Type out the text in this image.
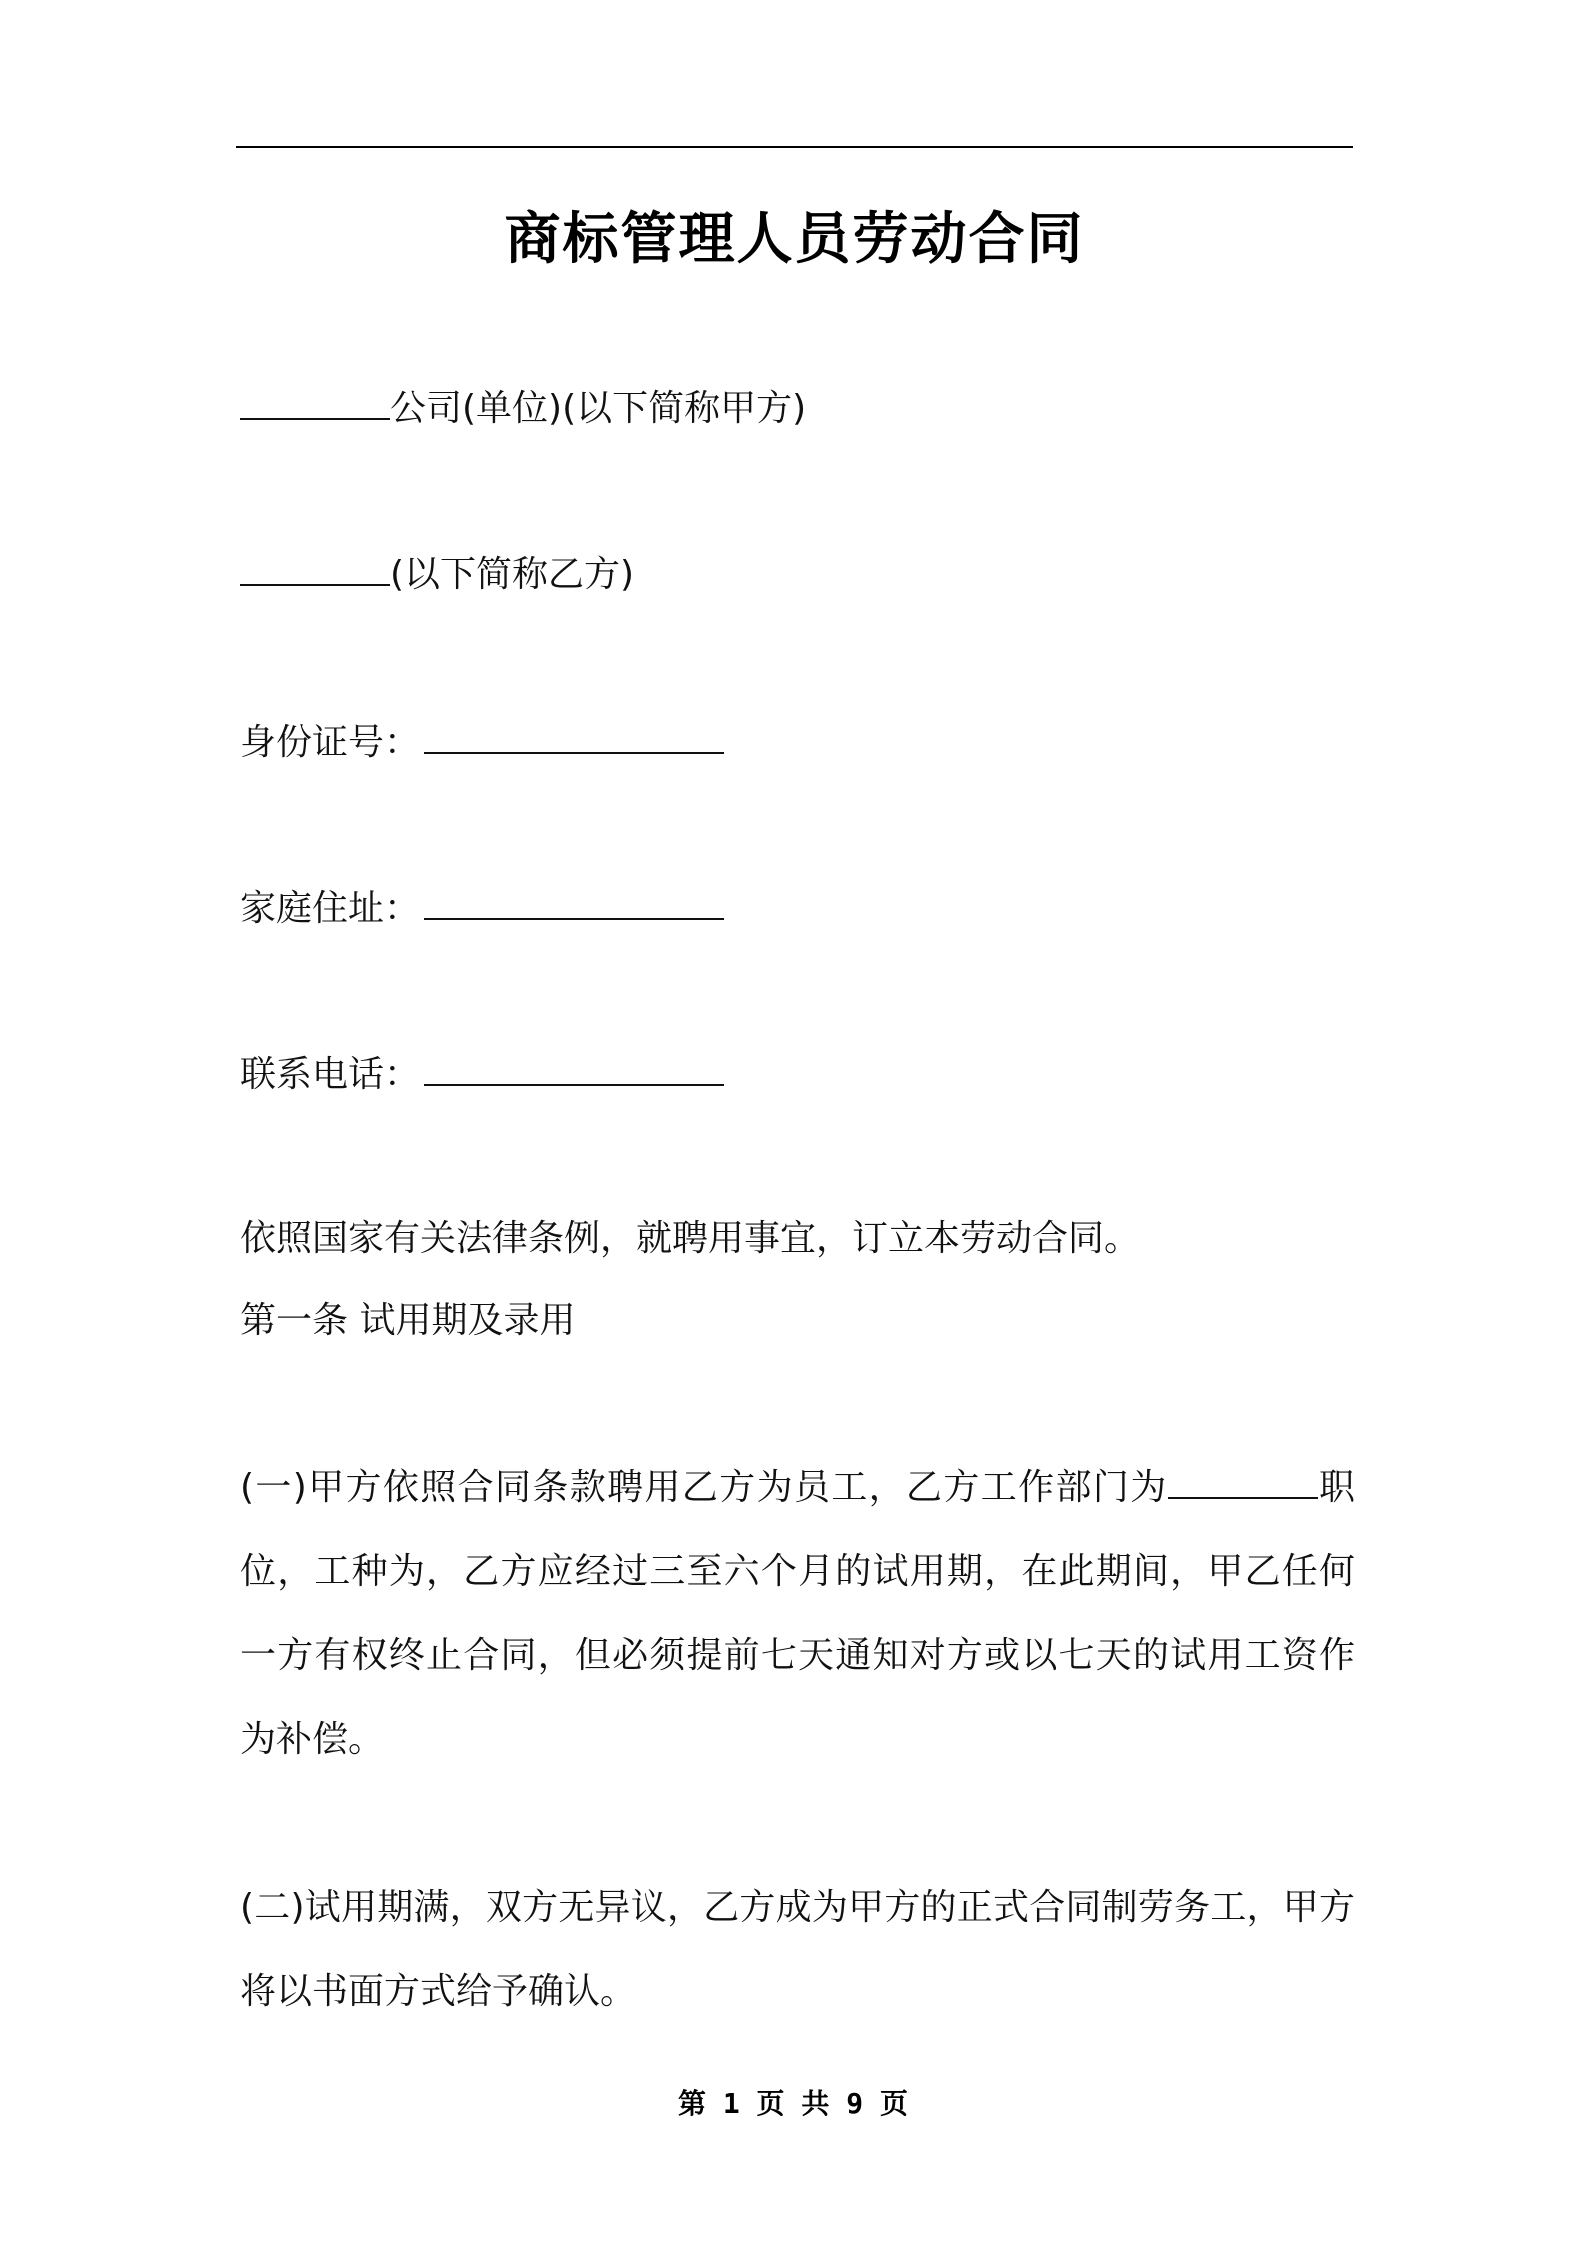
商标管理人员劳动合同
公司(单位)(以下简称甲方)
(以下简称乙方)
身份证号：
家庭住址：
联系电话：
依照国家有关法律条例，就聘用事宜，订立本劳动合同。
第一条 试用期及录用
(一)甲方依照合同条款聘用乙方为员工，乙方工作部门为	职位，工种为，乙方应经过三至六个月的试用期，在此期间，甲乙任何一方有权终止合同，但必须提前七天通知对方或以七天的试用工资作为补偿。
(二)试用期满，双方无异议，乙方成为甲方的正式合同制劳务工，甲方将以书面方式给予确认。
第 1 页 共 9 页
